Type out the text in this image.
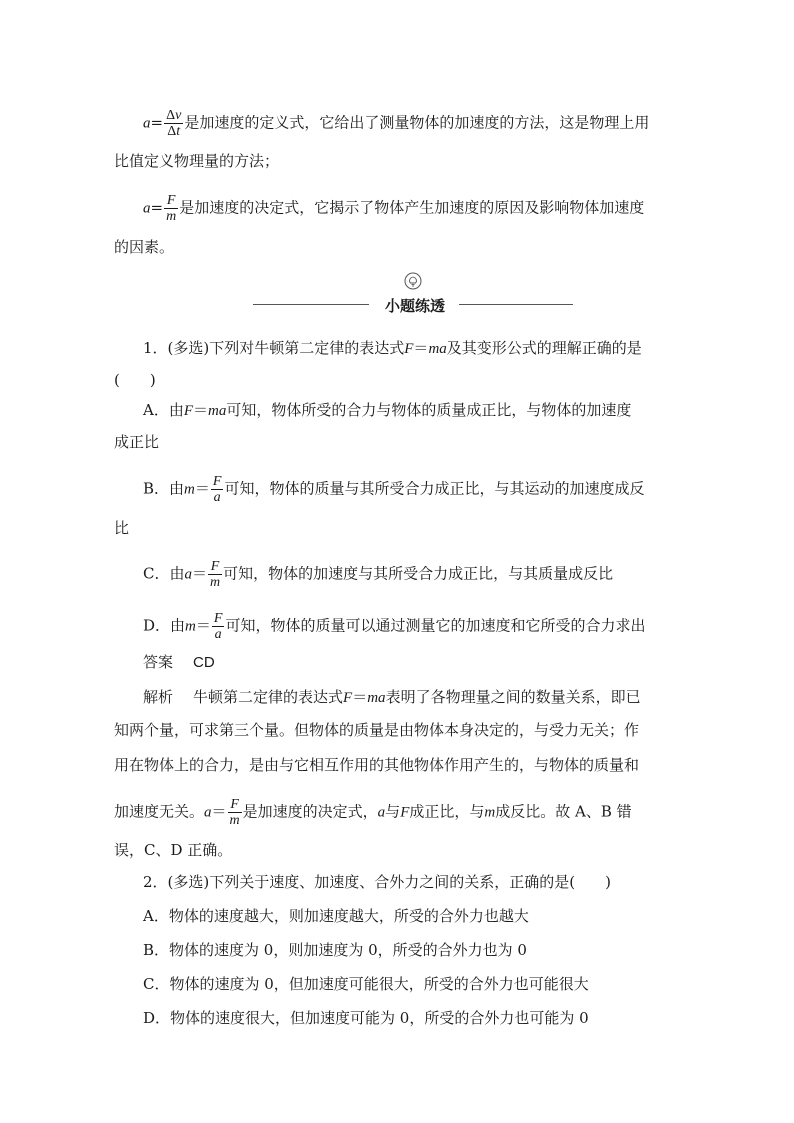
$a= \frac{\Delta v}{\Delta t}$ 是加速度的定义式，它给出了测量物体的加速度的方法，这是物理上用
比值定义物理量的方法；
$a= \frac{F}{m}$ 是加速度的决定式，它揭示了物体产生加速度的原因及影响物体加速度
的因素。
小题练透
1．(多选)下列对牛顿第二定律的表达式F＝ma及其变形公式的理解正确的是
(　　)
A．由F＝ma可知，物体所受的合力与物体的质量成正比，与物体的加速度
成正比
B．由$m= \frac{F}{a}$ 可知，物体的质量与其所受合力成正比，与其运动的加速度成反
比
C．由$a= \frac{F}{m}$ 可知，物体的加速度与其所受合力成正比，与其质量成反比
D．由$m= \frac{F}{a}$ 可知，物体的质量可以通过测量它的加速度和它所受的合力求出
答案 CD
解析 牛顿第二定律的表达式F＝ma表明了各物理量之间的数量关系，即已
知两个量，可求第三个量。但物体的质量是由物体本身决定的，与受力无关；作
用在物体上的合力，是由与它相互作用的其他物体作用产生的，与物体的质量和
加速度无关。$a= \frac{F}{m}$ 是加速度的决定式，a与F成正比，与m成反比。故 A、B 错
误，C、D 正确。
2．(多选)下列关于速度、加速度、合外力之间的关系，正确的是(　　)
A．物体的速度越大，则加速度越大，所受的合外力也越大
B．物体的速度为 0，则加速度为 0，所受的合外力也为 0
C．物体的速度为 0，但加速度可能很大，所受的合外力也可能很大
D．物体的速度很大，但加速度可能为 0，所受的合外力也可能为 0
